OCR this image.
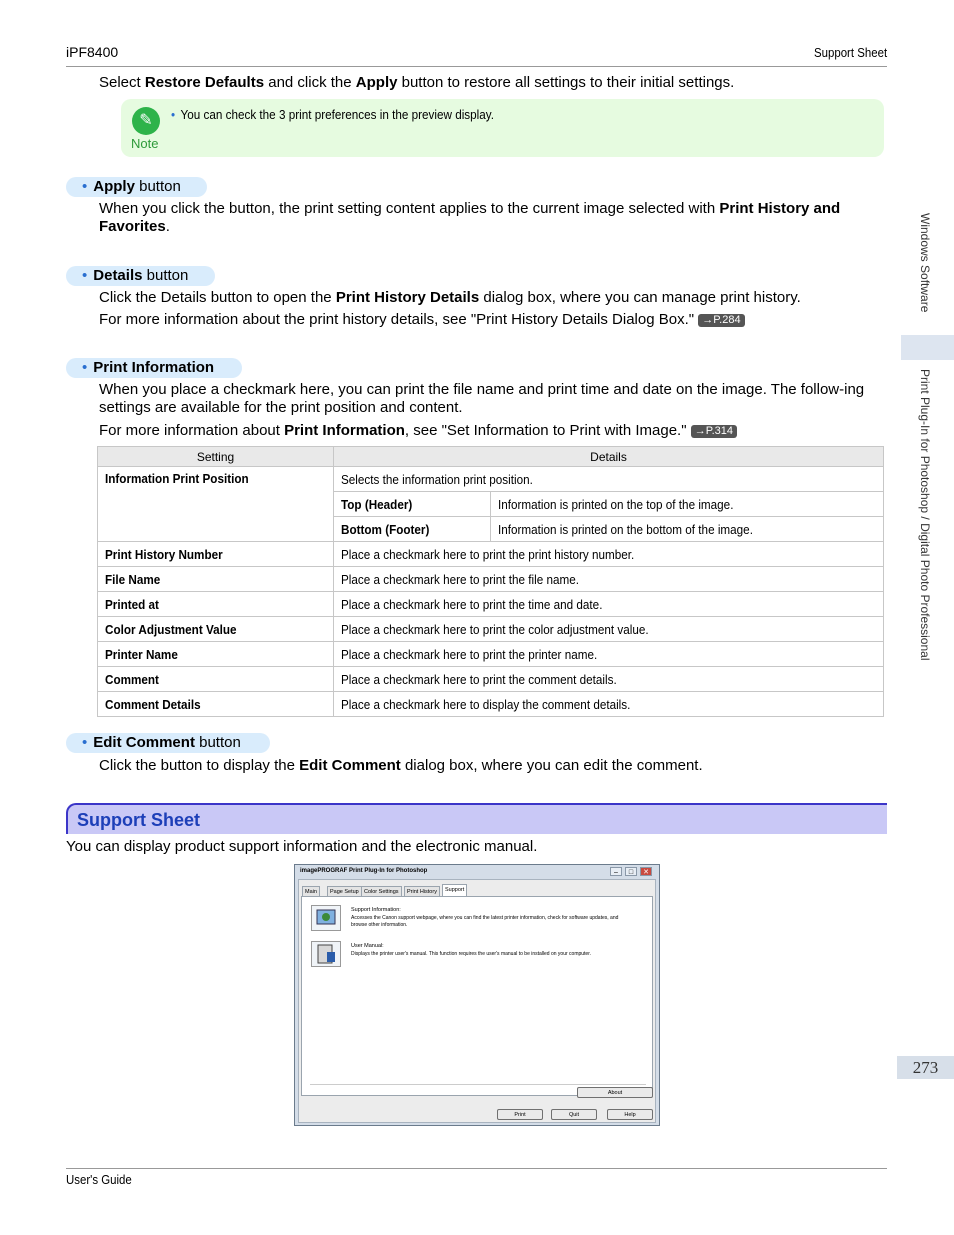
iPF8400	Support Sheet
Select Restore Defaults and click the Apply button to restore all settings to their initial settings.
✎
Note
• You can check the 3 print preferences in the preview display.
• Apply button
When you click the button, the print setting content applies to the current image selected with Print History and Favorites.
• Details button
Click the Details button to open the Print History Details dialog box, where you can manage print history.
For more information about the print history details, see "Print History Details Dialog Box." →P.284
• Print Information
When you place a checkmark here, you can print the file name and print time and date on the image. The follow-ing settings are available for the print position and content.
For more information about Print Information, see "Set Information to Print with Image." →P.314
Setting	Details	
Information Print Position	Selects the information print position.	
	Top (Header)	Information is printed on the top of the image.
	Bottom (Footer)	Information is printed on the bottom of the image.
Print History Number	Place a checkmark here to print the print history number.	
File Name	Place a checkmark here to print the file name.	
Printed at	Place a checkmark here to print the time and date.	
Color Adjustment Value	Place a checkmark here to print the color adjustment value.	
Printer Name	Place a checkmark here to print the printer name.	
Comment	Place a checkmark here to print the comment details.	
Comment Details	Place a checkmark here to display the comment details.	
• Edit Comment button
Click the button to display the Edit Comment dialog box, where you can edit the comment.
Support Sheet
You can display product support information and the electronic manual.
imagePROGRAF Print Plug-In for Photoshop	–	□	✕
Main	Page Setup Color Settings	Print History	Support
Support Information:
Accesses the Canon support webpage, where you can find the latest printer information, check for software updates, and browse other information.
User Manual:
Displays the printer user's manual. This function requires the user's manual to be installed on your computer.
About
Print	Quit	Help
Windows Software
Print Plug-In for Photoshop / Digital Photo Professional
273
User's Guide
